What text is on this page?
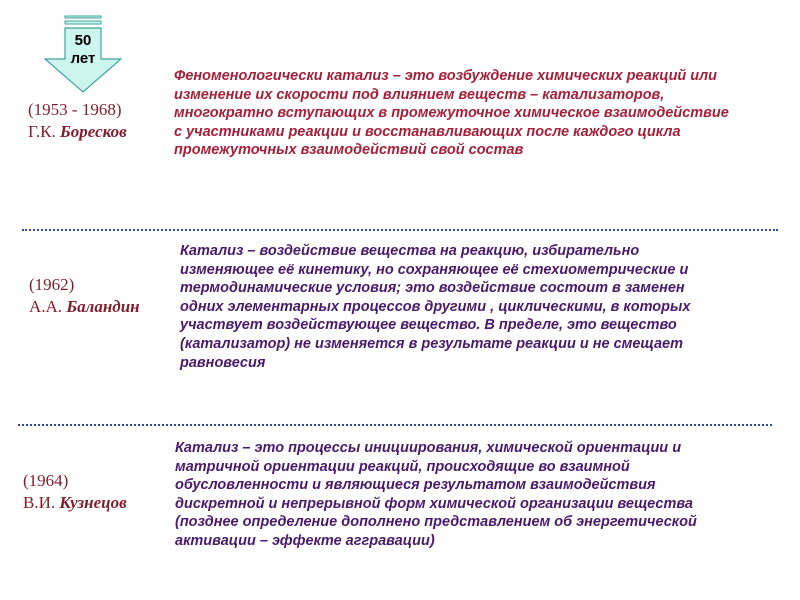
50
лет
(1953 - 1968)
Г.К. Боресков
Феноменологически катализ – это возбуждение химических реакций или изменение их скорости под влиянием веществ – катализаторов, многократно вступающих в промежуточное химическое взаимодействие с участниками реакции и восстанавливающих после каждого цикла промежуточных взаимодействий свой состав
(1962)
А.А. Баландин
Катализ – воздействие вещества на реакцию, избирательно изменяющее её кинетику, но сохраняющее её стехиометрические и термодинамические условия; это воздействие состоит в заменен одних элементарных процессов другими , циклическими, в которых участвует воздействующее вещество. В пределе, это вещество (катализатор) не изменяется в результате реакции и не смещает равновесия
(1964)
В.И. Кузнецов
Катализ – это процессы инициирования, химической ориентации и матричной ориентации реакций, происходящие во взаимной обусловленности и являющиеся результатом взаимодействия дискретной и непрерывной форм химической организации вещества (позднее определение дополнено представлением об энергетической активации – эффекте аггравации)
